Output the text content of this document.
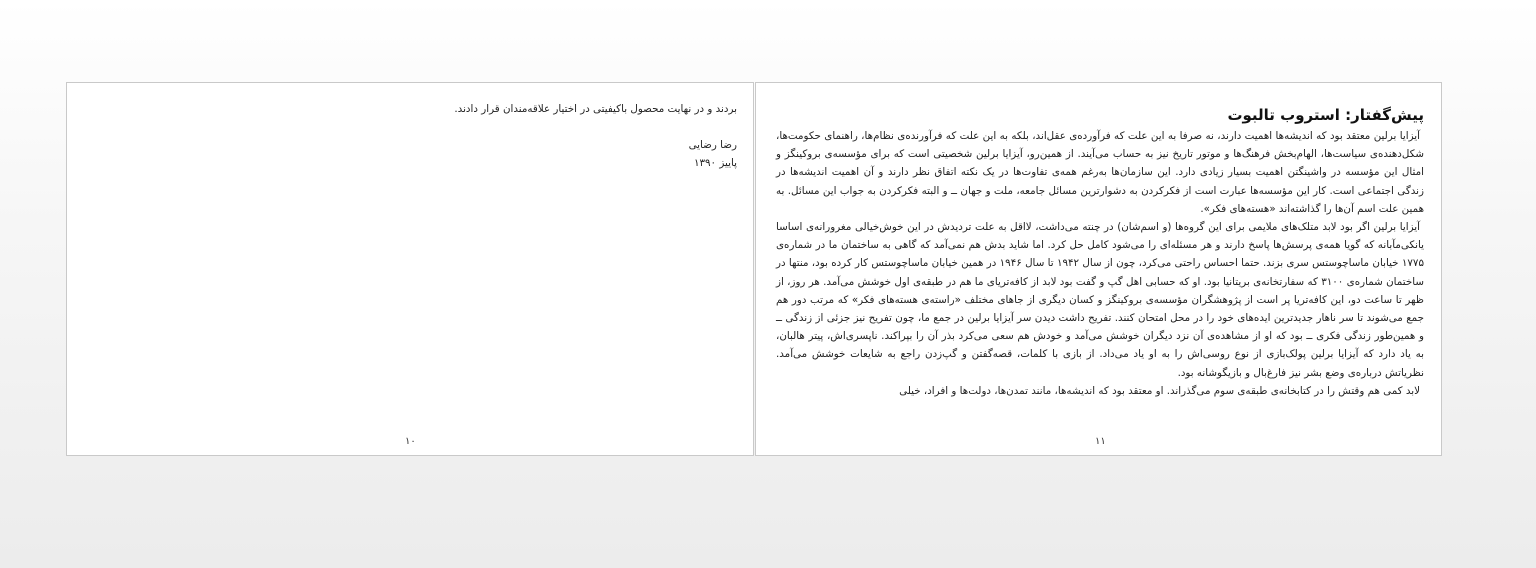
بردند و در نهایت محصول باکیفیتی در اختیار علاقه‌مندان قرار دادند.

رضا رضایی

پاییز ۱۳۹۰

۱۰
پیش‌گفتار: استروب تالبوت

آیزایا برلین معتقد بود که اندیشه‌ها اهمیت دارند، نه صرفا به این علت که فرآورده‌ی عقل‌اند، بلکه به این علت که فرآورنده‌ی نظام‌ها، راهنمای حکومت‌ها، شکل‌دهنده‌ی سیاست‌ها، الهام‌بخش فرهنگ‌ها و موتور تاریخ نیز به حساب می‌آیند. از همین‌رو، آیزایا برلین شخصیتی است که برای مؤسسه‌ی بروکینگز و امثال این مؤسسه در واشینگتن اهمیت بسیار زیادی دارد. این سازمان‌ها به‌رغم همه‌ی تفاوت‌ها در یک نکته اتفاق نظر دارند و آن اهمیت اندیشه‌ها در زندگی اجتماعی است. کار این مؤسسه‌ها عبارت است از فکرکردن به دشوارترین مسائل جامعه، ملت و جهان ــ و البته فکرکردن به جواب این مسائل. به همین علت اسم آن‌ها را گذاشته‌اند «هسته‌های فکر».

آیزایا برلین اگر بود لابد متلک‌های ملایمی برای این گروه‌ها (و اسم‌شان) در چنته می‌داشت، لااقل به علت تردیدش در این خوش‌خیالی مغرورانه‌ی اساسا یانکی‌مآبانه که گویا همه‌ی پرسش‌ها پاسخ دارند و هر مسئله‌ای را می‌شود کامل حل کرد. اما شاید بدش هم نمی‌آمد که گاهی به ساختمان ما در شماره‌ی ۱۷۷۵ خیابان ماساچوستس سری بزند. حتما احساس راحتی می‌کرد، چون از سال ۱۹۴۲ تا سال ۱۹۴۶ در همین خیابان ماساچوستس کار کرده بود، منتها در ساختمان شماره‌ی ۳۱۰۰ که سفارتخانه‌ی بریتانیا بود. او که حسابی اهل گپ و گفت بود لابد از کافه‌تریای ما هم در طبقه‌ی اول خوشش می‌آمد. هر روز، از ظهر تا ساعت دو، این کافه‌تریا پر است از پژوهشگران مؤسسه‌ی بروکینگز و کسان دیگری از جاهای مختلف «راسته‌ی هسته‌های فکر» که مرتب دور هم جمع می‌شوند تا سر ناهار جدیدترین ایده‌های خود را در محل امتحان کنند. تفریح داشت دیدن سر آیزایا برلین در جمع ما، چون تفریح نیز جزئی از زندگی ــ و همین‌طور زندگی فکری ــ بود که او از مشاهده‌ی آن نزد دیگران خوشش می‌آمد و خودش هم سعی می‌کرد بذر آن را بپراکند. ناپسری‌اش، پیتر هالبان، به یاد دارد که آیزایا برلین پولک‌بازی از نوع روسی‌اش را به او یاد می‌داد. از بازی با کلمات، قصه‌گفتن و گپ‌زدن راجع به شایعات خوشش می‌آمد. نظریاتش درباره‌ی وضع بشر نیز فارغ‌بال و بازیگوشانه بود.

لابد کمی هم وقتش را در کتابخانه‌ی طبقه‌ی سوم می‌گذراند. او معتقد بود که اندیشه‌ها، مانند تمدن‌ها، دولت‌ها و افراد، خیلی

۱۱
